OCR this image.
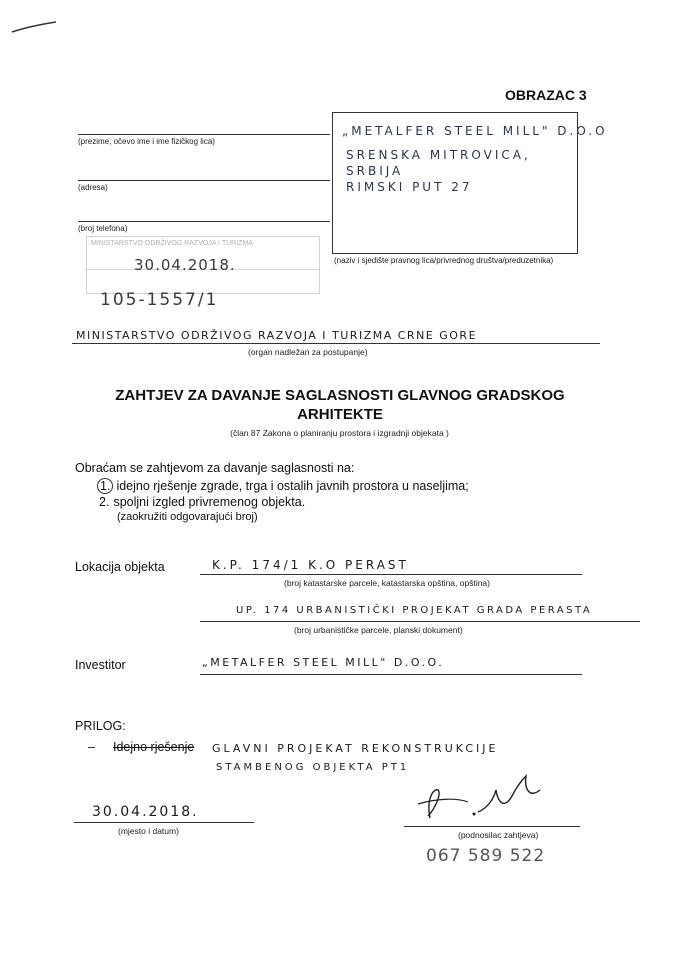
OBRAZAC 3
(prezime, očevo ime i ime fizičkog lica)
(adresa)
(broj telefona)
„METALFER STEEL MILL" D.O.O
SRENSKA MITROVICA,
SRBIJA
RIMSKI PUT 27
(naziv i sjedište pravnog lica/privrednog društva/preduzetnika)
MINISTARSTVO ODRŽIVOG RAZVOJA I TURIZMA
30.04.2018.
105-1557/1
MINISTARSTVO ODRŽIVOG RAZVOJA I TURIZMA CRNE GORE
(organ nadležan za postupanje)
ZAHTJEV ZA DAVANJE SAGLASNOSTI GLAVNOG GRADSKOG
ARHITEKTE
(član 87 Zakona o planiranju prostora i izgradnji objekata )
Obraćam se zahtjevom za davanje saglasnosti na:
1. idejno rješenje zgrade, trga i ostalih javnih prostora u naseljima;
2. spoljni izgled privremenog objekta.
(zaokružiti odgovarajući broj)
Lokacija objekta	K.P. 174/1 K.O PERAST
(broj katastarske parcele, katastarska opština, opština)
UP. 174 URBANISTIČKI PROJEKAT GRADA PERASTA
(broj urbanističke parcele, planski dokument)
Investitor	„METALFER STEEL MILL" D.O.O.
PRILOG:
– Idejno rješenje GLAVNI PROJEKAT REKONSTRUKCIJE
STAMBENOG OBJEKTA PT1
30.04.2018.
(mjesto i datum)	(podnosilac zahtjeva)
067 589 522
